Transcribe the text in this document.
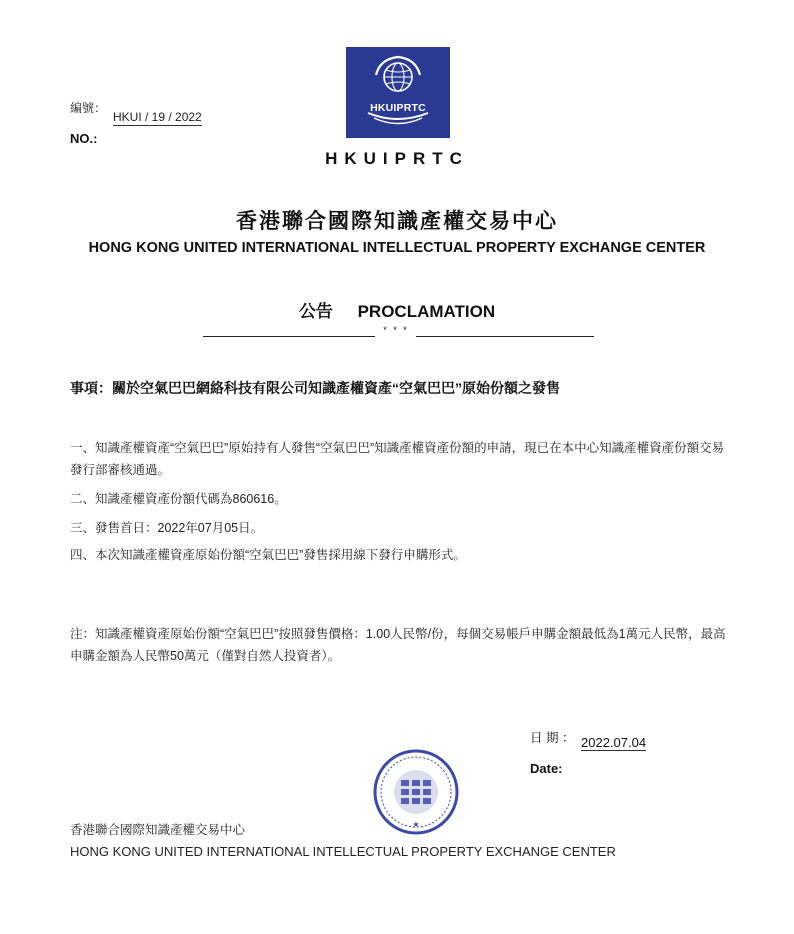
編號：
NO.:
HKUI / 19 / 2022
HKUIPRTC
HKUIPRTC
香港聯合國際知識產權交易中心
HONG KONG UNITED INTERNATIONAL INTELLECTUAL PROPERTY EXCHANGE CENTER
公告 PROCLAMATION
* * *
事項：關於空氣巴巴網絡科技有限公司知識產權資產“空氣巴巴”原始份額之發售
一、知識產權資產“空氣巴巴”原始持有人發售“空氣巴巴”知識產權資產份額的申請，現已在本中心知識產權資產份額交易發行部審核通過。
二、知識產權資產份額代碼為860616。
三、發售首日：2022年07月05日。
四、本次知識產權資產原始份額“空氣巴巴”發售採用線下發行申購形式。
注：知識產權資產原始份額“空氣巴巴”按照發售價格：1.00人民幣/份，每個交易帳戶申購金額最低為1萬元人民幣，最高申購金額為人民幣50萬元（僅對自然人投資者）。
日 期 ： 2022.07.04
Date:
★
香港聯合國際知識產權交易中心
HONG KONG UNITED INTERNATIONAL INTELLECTUAL PROPERTY EXCHANGE CENTER
